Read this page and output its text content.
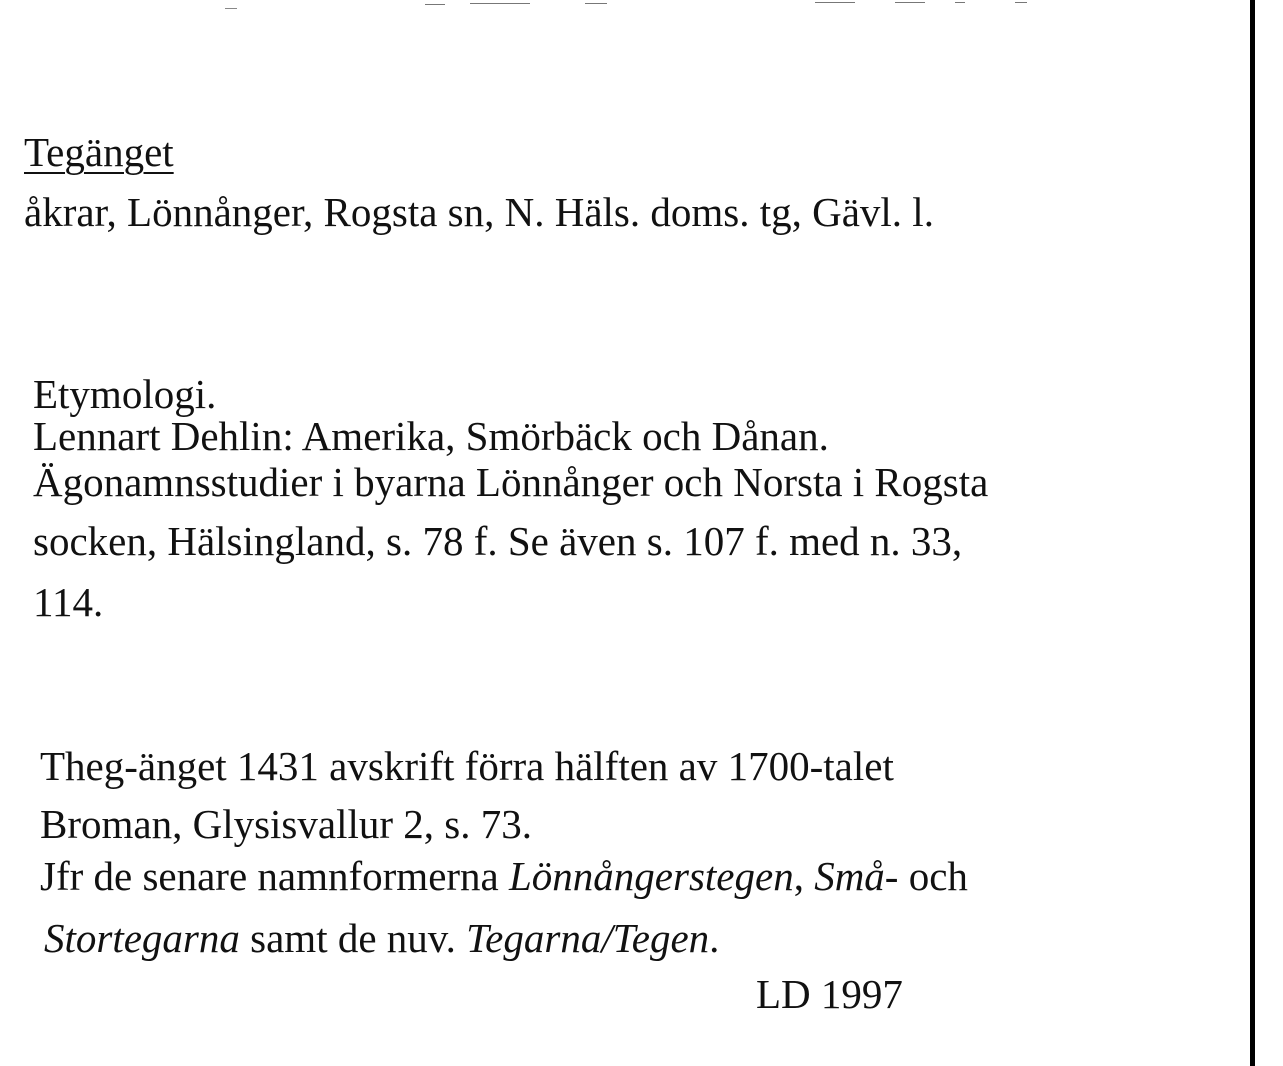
Tegänget
åkrar, Lönnånger, Rogsta sn, N. Häls. doms. tg, Gävl. l.
Etymologi.
Lennart Dehlin: Amerika, Smörbäck och Dånan.
Ägonamnsstudier i byarna Lönnånger och Norsta i Rogsta
socken, Hälsingland, s. 78 f. Se även s. 107 f. med n. 33,
114.
Theg-änget 1431 avskrift förra hälften av 1700-talet
Broman, Glysisvallur 2, s. 73.
Jfr de senare namnformerna Lönnångerstegen, Små- och
Stortegarna samt de nuv. Tegarna/Tegen.
LD 1997
